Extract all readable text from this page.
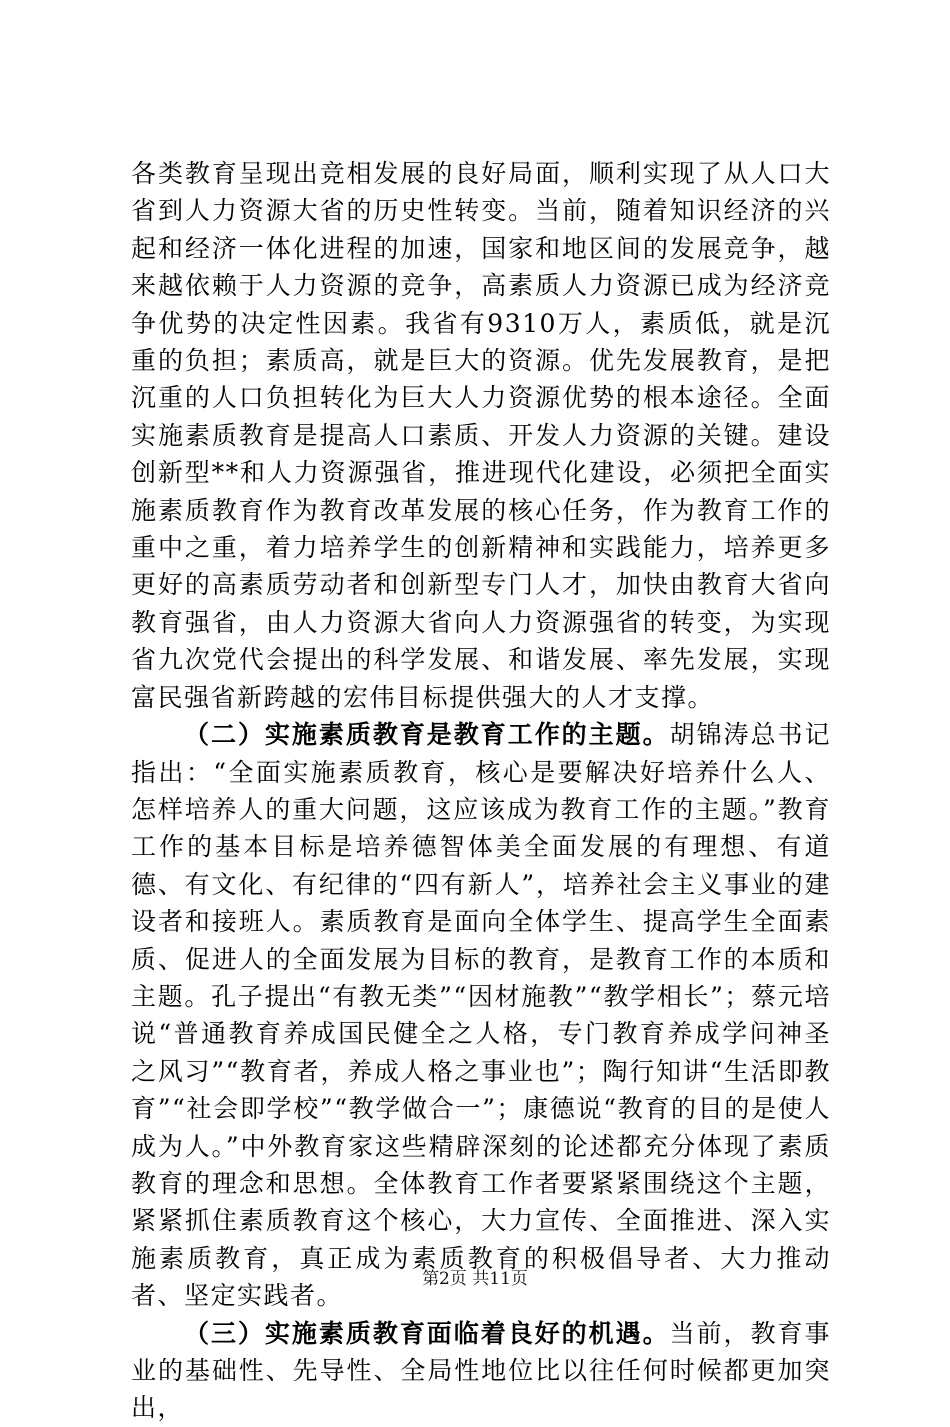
各类教育呈现出竞相发展的良好局面，顺利实现了从人口大省到人力资源大省的历史性转变。当前，随着知识经济的兴起和经济一体化进程的加速，国家和地区间的发展竞争，越来越依赖于人力资源的竞争，高素质人力资源已成为经济竞争优势的决定性因素。我省有9310万人，素质低，就是沉重的负担；素质高，就是巨大的资源。优先发展教育，是把沉重的人口负担转化为巨大人力资源优势的根本途径。全面实施素质教育是提高人口素质、开发人力资源的关键。建设创新型**和人力资源强省，推进现代化建设，必须把全面实施素质教育作为教育改革发展的核心任务，作为教育工作的重中之重，着力培养学生的创新精神和实践能力，培养更多更好的高素质劳动者和创新型专门人才，加快由教育大省向教育强省，由人力资源大省向人力资源强省的转变，为实现省九次党代会提出的科学发展、和谐发展、率先发展，实现富民强省新跨越的宏伟目标提供强大的人才支撑。

（二）实施素质教育是教育工作的主题。胡锦涛总书记指出：“全面实施素质教育，核心是要解决好培养什么人、怎样培养人的重大问题，这应该成为教育工作的主题。”教育工作的基本目标是培养德智体美全面发展的有理想、有道德、有文化、有纪律的“四有新人”，培养社会主义事业的建设者和接班人。素质教育是面向全体学生、提高学生全面素质、促进人的全面发展为目标的教育，是教育工作的本质和主题。孔子提出“有教无类”“因材施教”“教学相长”；蔡元培说“普通教育养成国民健全之人格，专门教育养成学问神圣之风习”“教育者，养成人格之事业也”；陶行知讲“生活即教育”“社会即学校”“教学做合一”；康德说“教育的目的是使人成为人。”中外教育家这些精辟深刻的论述都充分体现了素质教育的理念和思想。全体教育工作者要紧紧围绕这个主题，紧紧抓住素质教育这个核心，大力宣传、全面推进、深入实施素质教育，真正成为素质教育的积极倡导者、大力推动者、坚定实践者。

（三）实施素质教育面临着良好的机遇。当前，教育事业的基础性、先导性、全局性地位比以往任何时候都更加突出，

第2页 共11页
